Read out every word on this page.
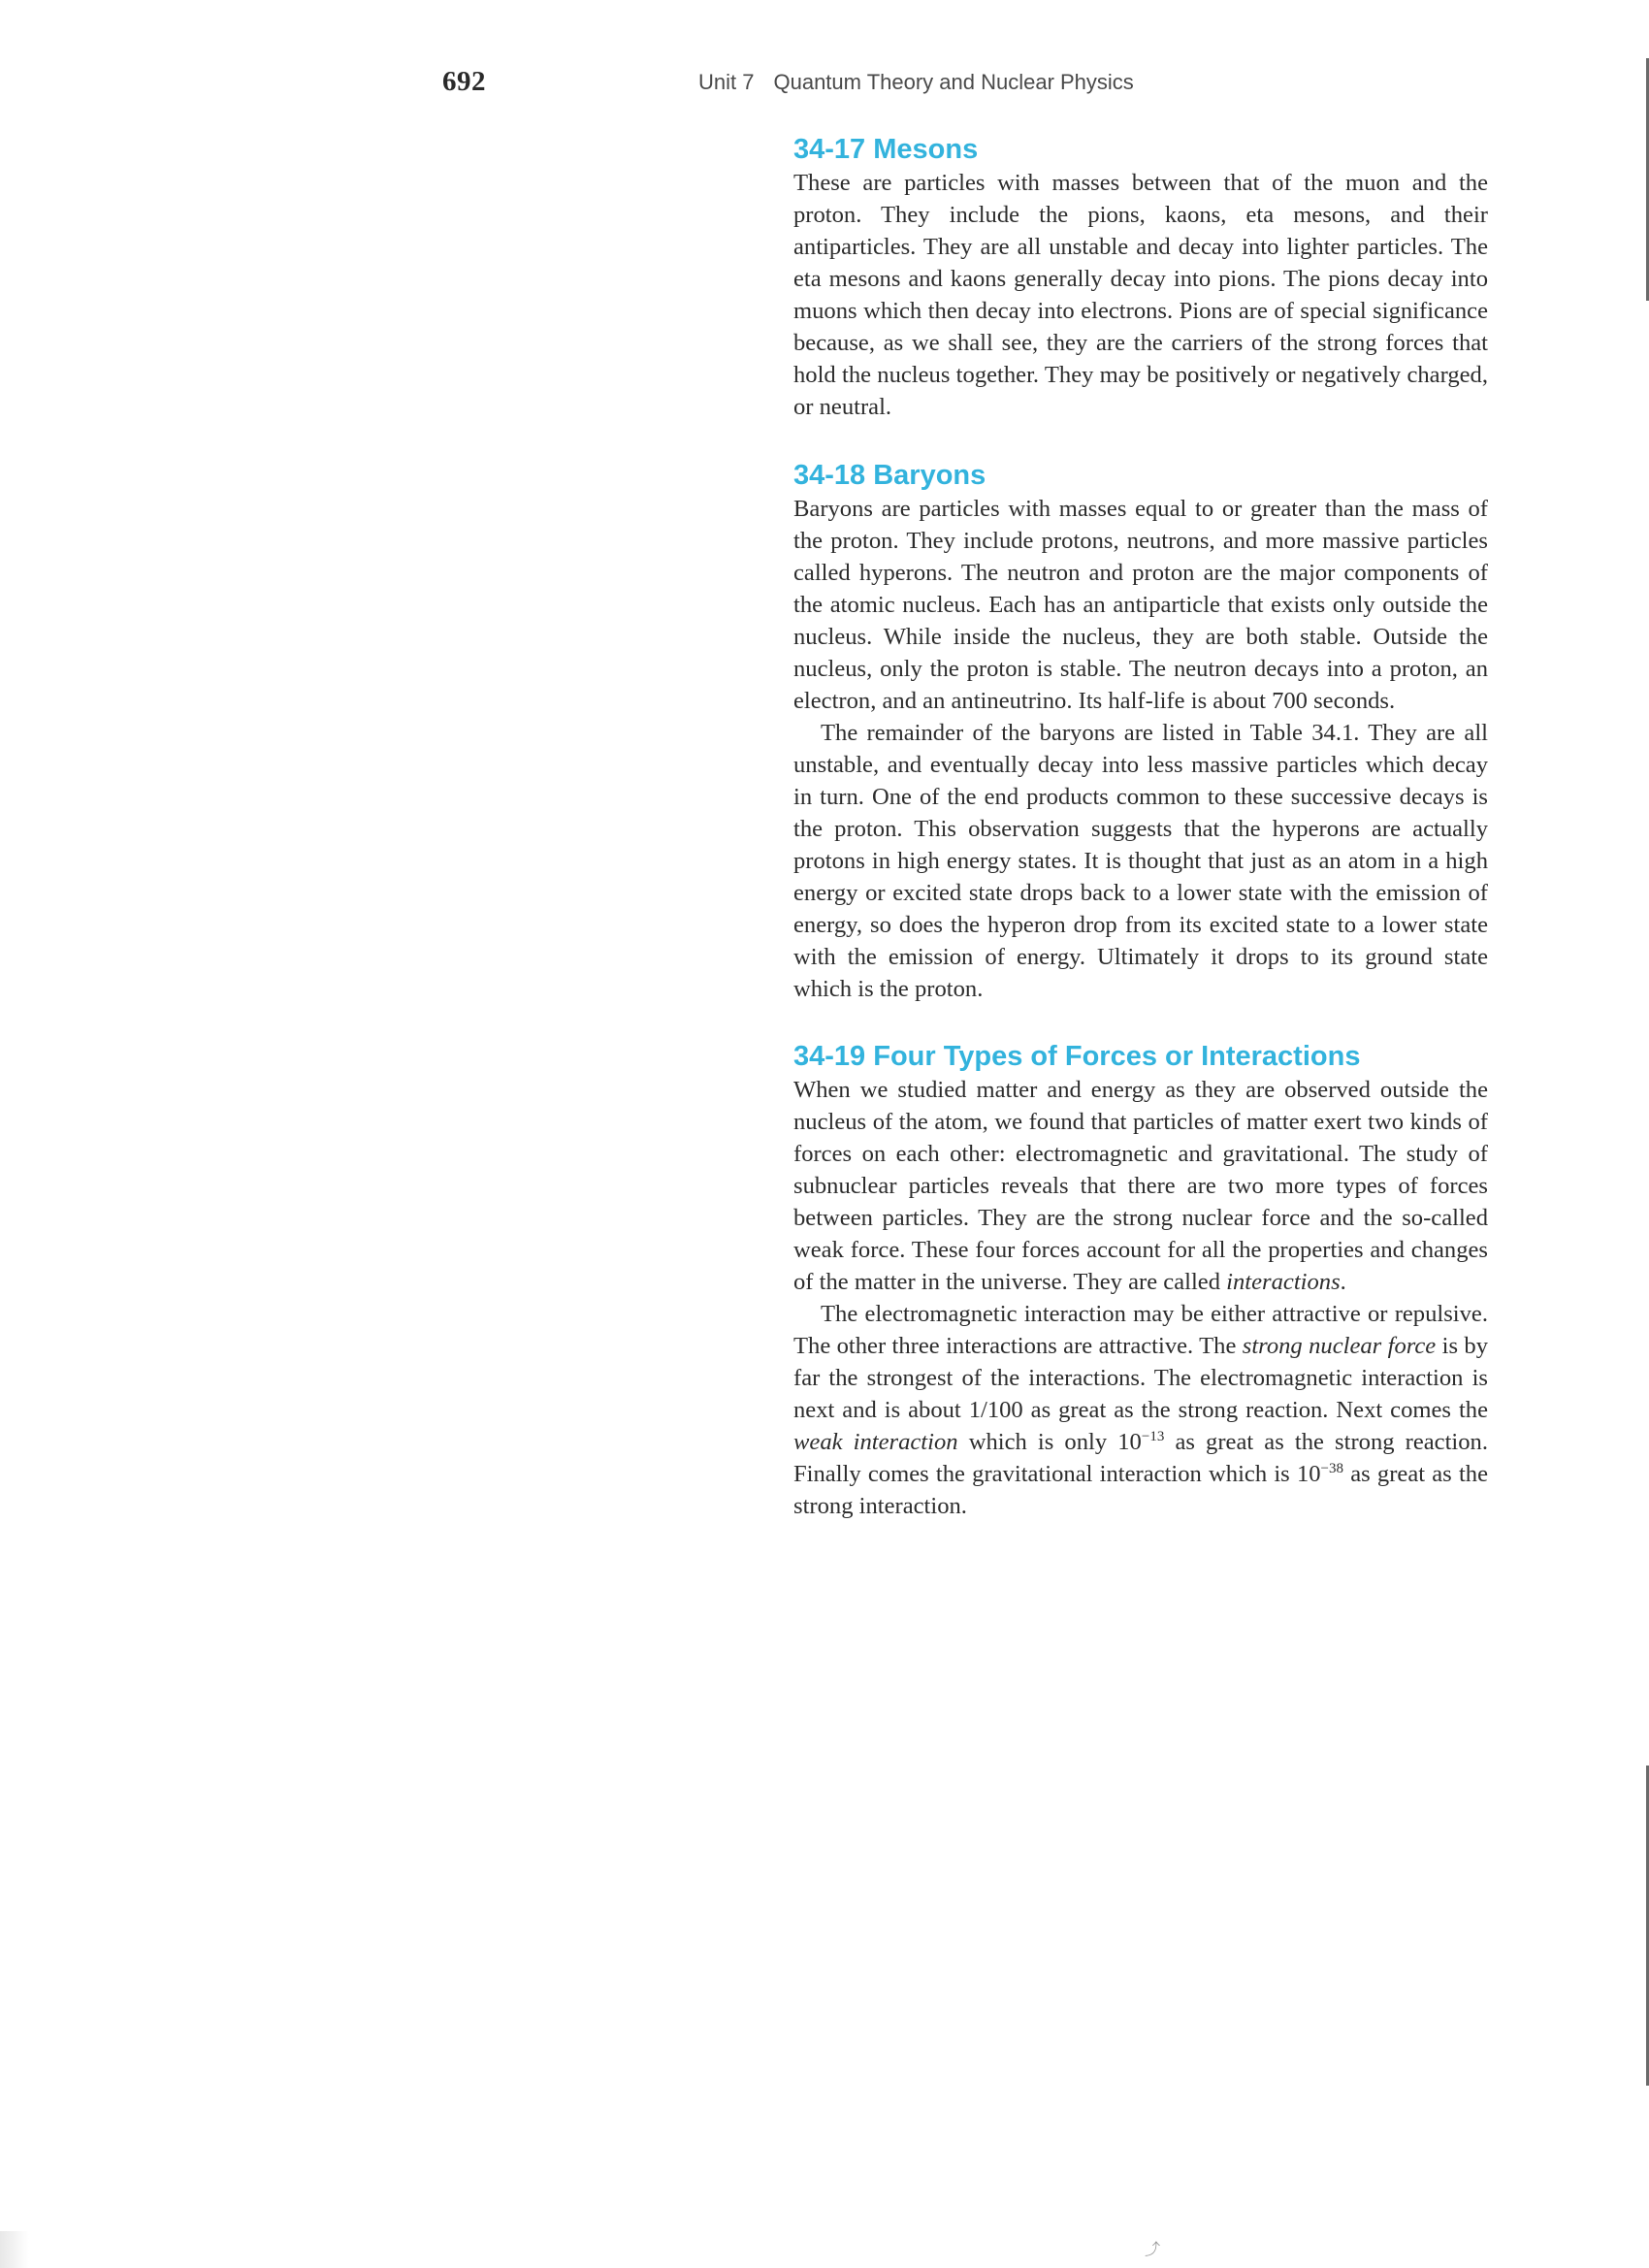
692	Unit 7 Quantum Theory and Nuclear Physics
34-17 Mesons

These are particles with masses between that of the muon and the proton. They include the pions, kaons, eta mesons, and their antiparticles. They are all unstable and decay into lighter particles. The eta mesons and kaons generally decay into pions. The pions decay into muons which then decay into electrons. Pions are of special significance because, as we shall see, they are the carriers of the strong forces that hold the nucleus together. They may be positively or negatively charged, or neutral.

34-18 Baryons

Baryons are particles with masses equal to or greater than the mass of the proton. They include protons, neutrons, and more massive particles called hyperons. The neutron and proton are the major components of the atomic nucleus. Each has an antiparticle that exists only outside the nucleus. While inside the nucleus, they are both stable. Outside the nucleus, only the proton is stable. The neutron decays into a proton, an electron, and an antineutrino. Its half-life is about 700 seconds.

The remainder of the baryons are listed in Table 34.1. They are all unstable, and eventually decay into less massive particles which decay in turn. One of the end products common to these successive decays is the proton. This observation suggests that the hyperons are actually protons in high energy states. It is thought that just as an atom in a high energy or excited state drops back to a lower state with the emission of energy, so does the hyperon drop from its excited state to a lower state with the emission of energy. Ultimately it drops to its ground state which is the proton.

34-19 Four Types of Forces or Interactions

When we studied matter and energy as they are observed outside the nucleus of the atom, we found that particles of matter exert two kinds of forces on each other: electromagnetic and gravitational. The study of subnuclear particles reveals that there are two more types of forces between particles. They are the strong nuclear force and the so-called weak force. These four forces account for all the properties and changes of the matter in the universe. They are called interactions.

The electromagnetic interaction may be either attractive or repulsive. The other three interactions are attractive. The strong nuclear force is by far the strongest of the interactions. The electromagnetic interaction is next and is about 1/100 as great as the strong reaction. Next comes the weak interaction which is only $10^{-13}$ as great as the strong reaction. Finally comes the gravitational interaction which is $10^{-38}$ as great as the strong interaction.

⤴
